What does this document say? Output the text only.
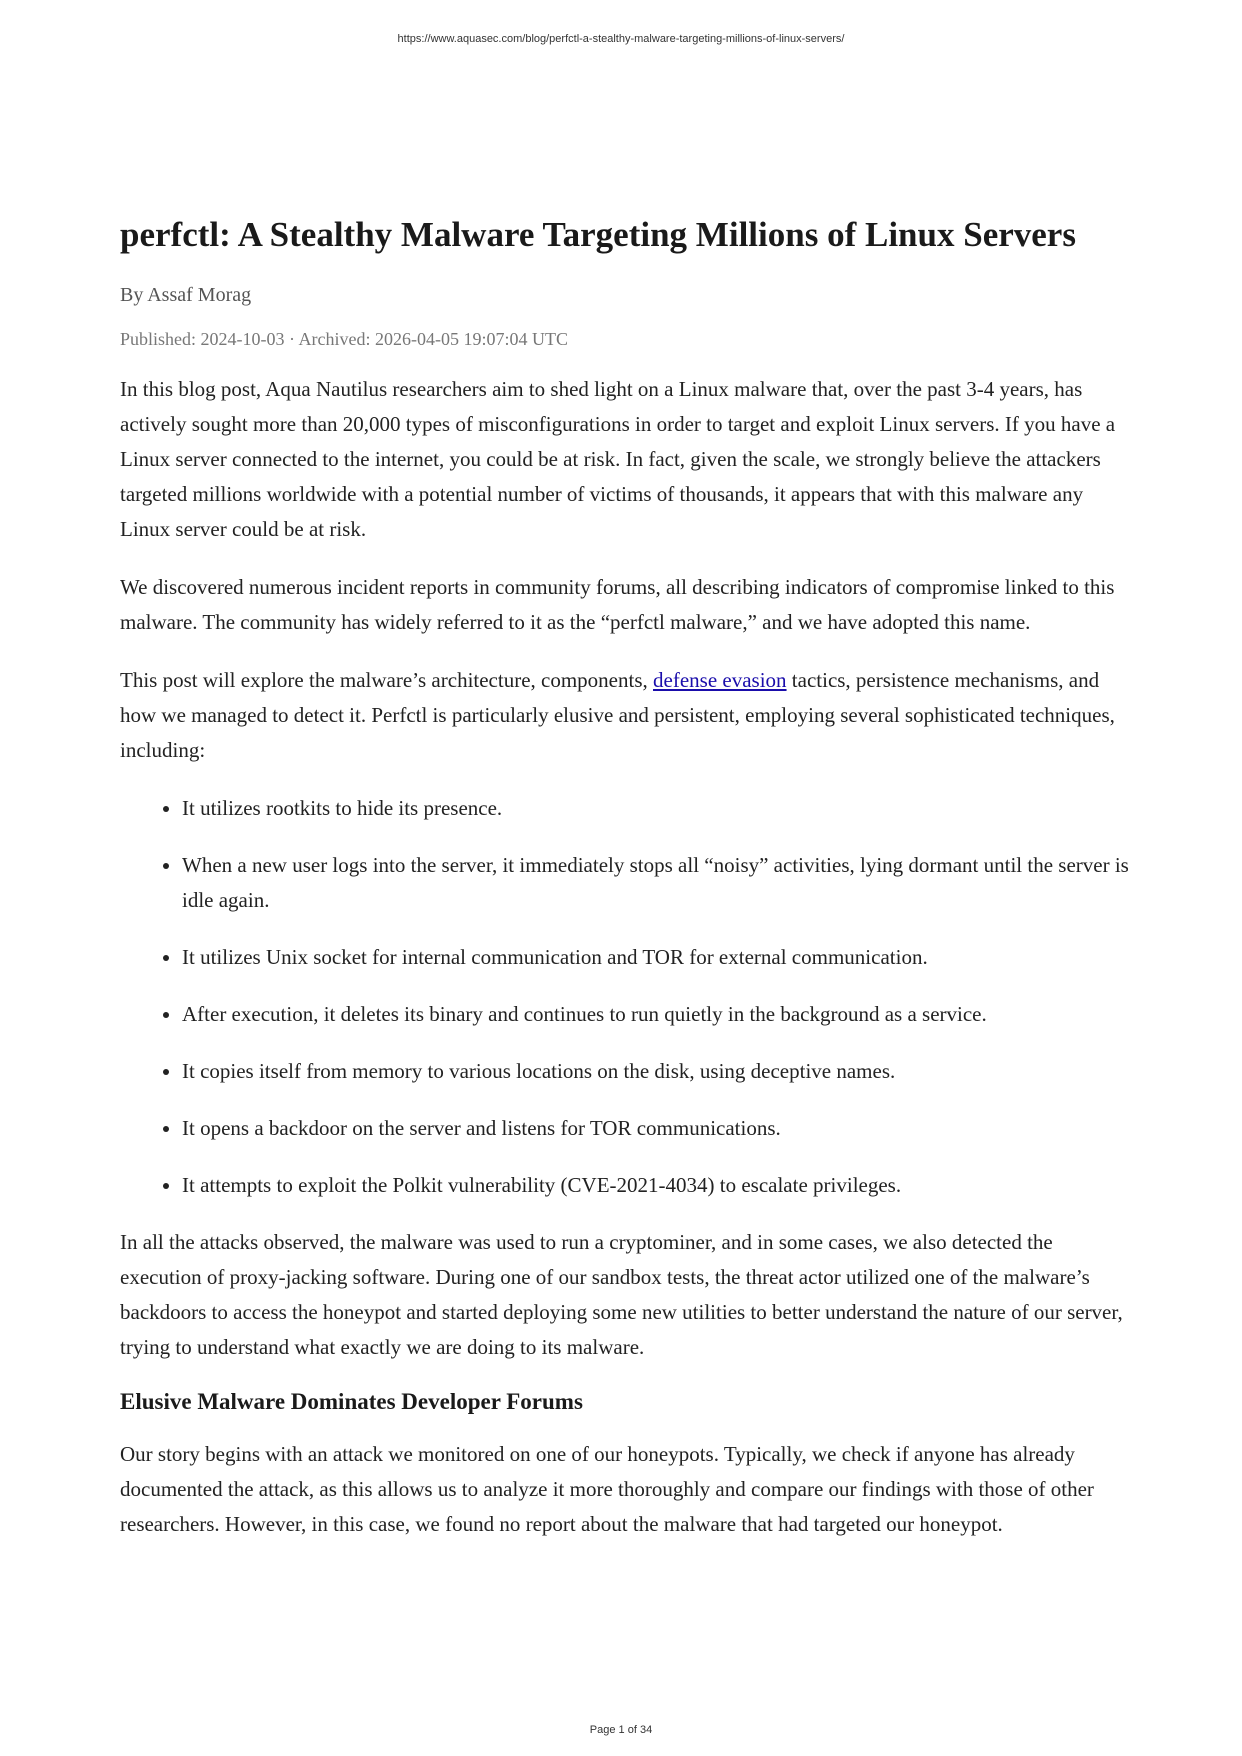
https://www.aquasec.com/blog/perfctl-a-stealthy-malware-targeting-millions-of-linux-servers/
perfctl: A Stealthy Malware Targeting Millions of Linux Servers
By Assaf Morag
Published: 2024-10-03 · Archived: 2026-04-05 19:07:04 UTC

In this blog post, Aqua Nautilus researchers aim to shed light on a Linux malware that, over the past 3-4 years, has actively sought more than 20,000 types of misconfigurations in order to target and exploit Linux servers. If you have a Linux server connected to the internet, you could be at risk. In fact, given the scale, we strongly believe the attackers targeted millions worldwide with a potential number of victims of thousands, it appears that with this malware any Linux server could be at risk.

We discovered numerous incident reports in community forums, all describing indicators of compromise linked to this malware. The community has widely referred to it as the “perfctl malware,” and we have adopted this name.

This post will explore the malware’s architecture, components, defense evasion tactics, persistence mechanisms, and how we managed to detect it. Perfctl is particularly elusive and persistent, employing several sophisticated techniques, including:

• It utilizes rootkits to hide its presence.
• When a new user logs into the server, it immediately stops all “noisy” activities, lying dormant until the server is idle again.
• It utilizes Unix socket for internal communication and TOR for external communication.
• After execution, it deletes its binary and continues to run quietly in the background as a service.
• It copies itself from memory to various locations on the disk, using deceptive names.
• It opens a backdoor on the server and listens for TOR communications.
• It attempts to exploit the Polkit vulnerability (CVE-2021-4034) to escalate privileges.

In all the attacks observed, the malware was used to run a cryptominer, and in some cases, we also detected the execution of proxy-jacking software. During one of our sandbox tests, the threat actor utilized one of the malware’s backdoors to access the honeypot and started deploying some new utilities to better understand the nature of our server, trying to understand what exactly we are doing to its malware.

Elusive Malware Dominates Developer Forums

Our story begins with an attack we monitored on one of our honeypots. Typically, we check if anyone has already documented the attack, as this allows us to analyze it more thoroughly and compare our findings with those of other researchers. However, in this case, we found no report about the malware that had targeted our honeypot.

Page 1 of 34
